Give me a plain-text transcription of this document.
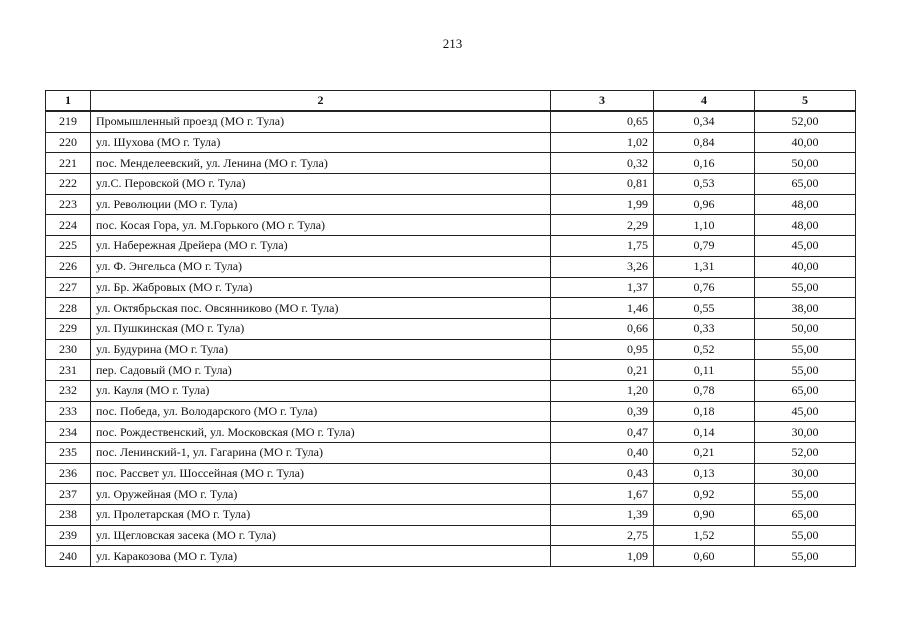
213
1	2	3	4	5
219	Промышленный проезд (МО г. Тула)	0,65	0,34	52,00
220	ул. Шухова (МО г. Тула)	1,02	0,84	40,00
221	пос. Менделеевский, ул. Ленина (МО г. Тула)	0,32	0,16	50,00
222	ул.С. Перовской (МО г. Тула)	0,81	0,53	65,00
223	ул. Революции (МО г. Тула)	1,99	0,96	48,00
224	пос. Косая Гора, ул. М.Горького (МО г. Тула)	2,29	1,10	48,00
225	ул. Набережная Дрейера (МО г. Тула)	1,75	0,79	45,00
226	ул. Ф. Энгельса (МО г. Тула)	3,26	1,31	40,00
227	ул. Бр. Жабровых (МО г. Тула)	1,37	0,76	55,00
228	ул. Октябрьская пос. Овсянниково (МО г. Тула)	1,46	0,55	38,00
229	ул. Пушкинская (МО г. Тула)	0,66	0,33	50,00
230	ул. Будурина (МО г. Тула)	0,95	0,52	55,00
231	пер. Садовый (МО г. Тула)	0,21	0,11	55,00
232	ул. Кауля (МО г. Тула)	1,20	0,78	65,00
233	пос. Победа, ул. Володарского (МО г. Тула)	0,39	0,18	45,00
234	пос. Рождественский, ул. Московская (МО г. Тула)	0,47	0,14	30,00
235	пос. Ленинский-1, ул. Гагарина (МО г. Тула)	0,40	0,21	52,00
236	пос. Рассвет ул. Шоссейная (МО г. Тула)	0,43	0,13	30,00
237	ул. Оружейная (МО г. Тула)	1,67	0,92	55,00
238	ул. Пролетарская (МО г. Тула)	1,39	0,90	65,00
239	ул. Щегловская засека (МО г. Тула)	2,75	1,52	55,00
240	ул. Каракозова (МО г. Тула)	1,09	0,60	55,00
